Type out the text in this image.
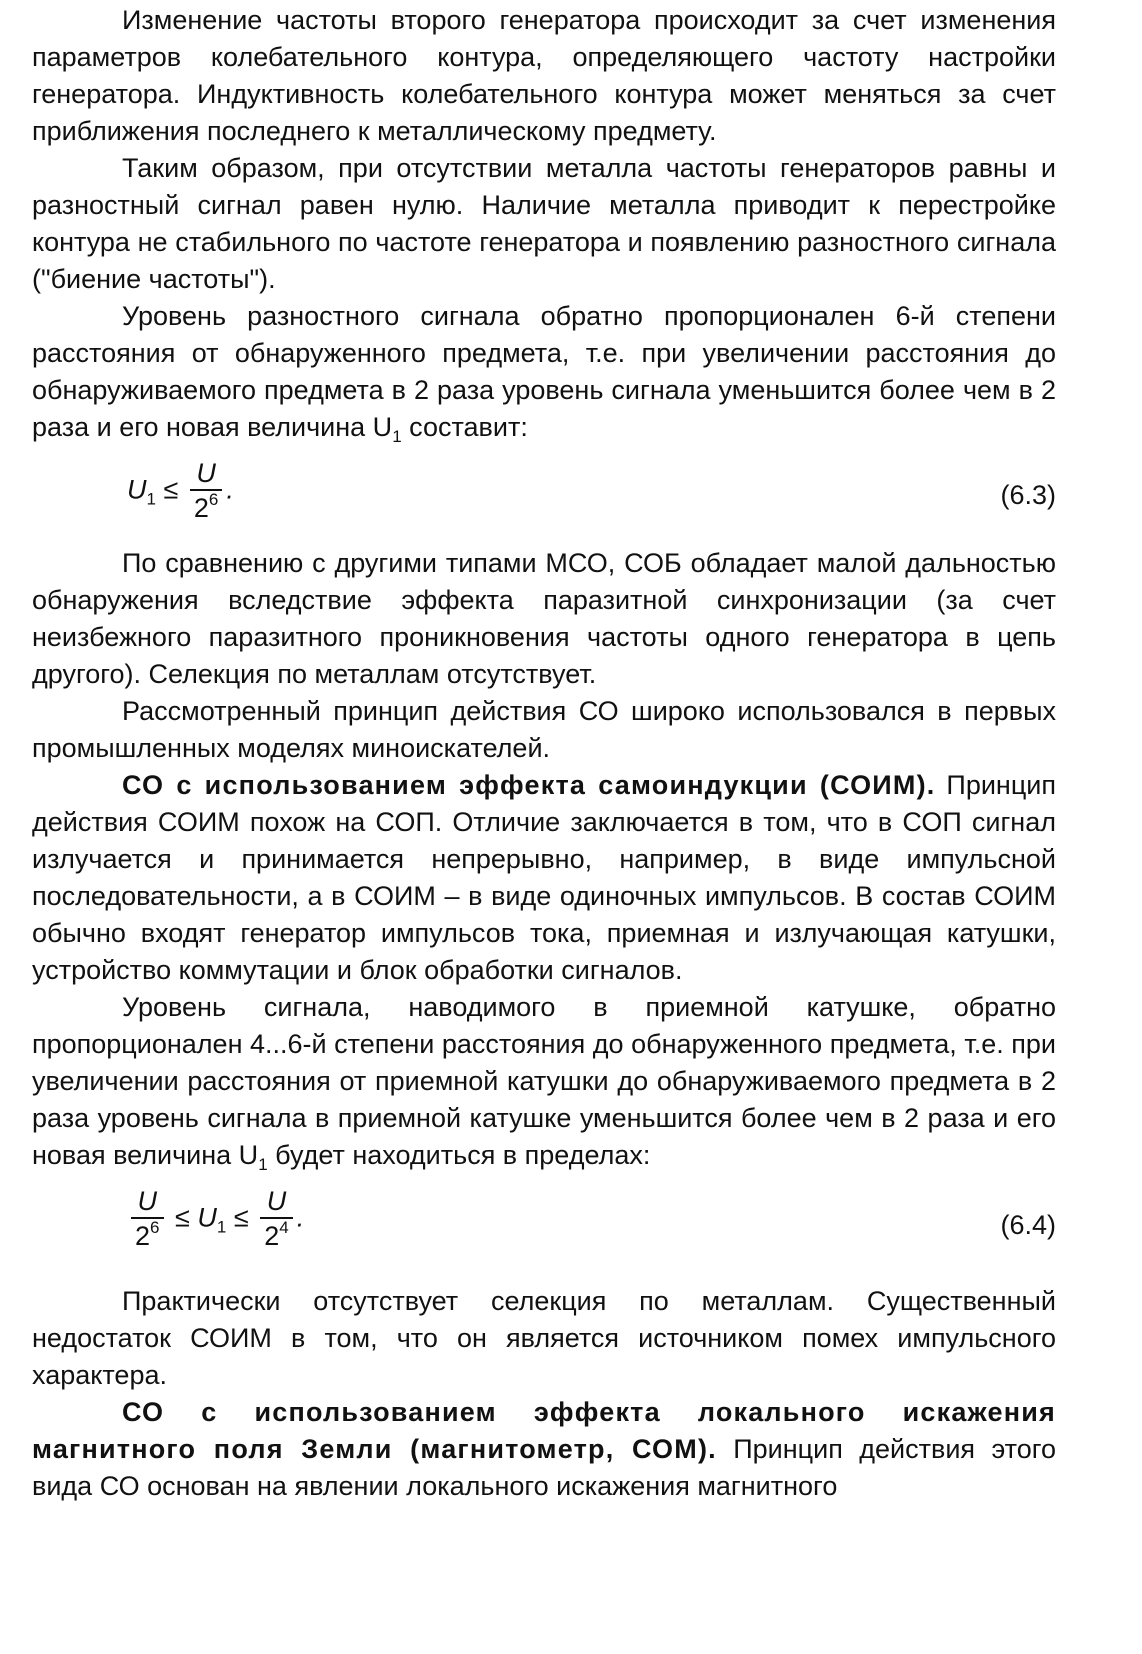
Изменение частоты второго генератора происходит за счет изменения параметров колебательного контура, определяющего частоту настройки генератора. Индуктивность колебательного контура может меняться за счет приближения последнего к металлическому предмету.

Таким образом, при отсутствии металла частоты генераторов равны и разностный сигнал равен нулю. Наличие металла приводит к перестройке контура не стабильного по частоте генератора и появлению разностного сигнала ("биение частоты").

Уровень разностного сигнала обратно пропорционален 6-й степени расстояния от обнаруженного предмета, т.е. при увеличении расстояния до обнаруживаемого предмета в 2 раза уровень сигнала уменьшится более чем в 2 раза и его новая величина $U_1$ составит:

$U_1 \le \frac{U}{2^6}$ .	(6.3)

По сравнению с другими типами МСО, СОБ обладает малой дальностью обнаружения вследствие эффекта паразитной синхронизации (за счет неизбежного паразитного проникновения частоты одного генератора в цепь другого). Селекция по металлам отсутствует.

Рассмотренный принцип действия СО широко использовался в первых промышленных моделях миноискателей.

СО с использованием эффекта самоиндукции (СОИМ). Принцип действия СОИМ похож на СОП. Отличие заключается в том, что в СОП сигнал излучается и принимается непрерывно, например, в виде импульсной последовательности, а в СОИМ – в виде одиночных импульсов. В состав СОИМ обычно входят генератор импульсов тока, приемная и излучающая катушки, устройство коммутации и блок обработки сигналов.

Уровень сигнала, наводимого в приемной катушке, обратно пропорционален 4...6-й степени расстояния до обнаруженного предмета, т.е. при увеличении расстояния от приемной катушки до обнаруживаемого предмета в 2 раза уровень сигнала в приемной катушке уменьшится более чем в 2 раза и его новая величина $U_1$ будет находиться в пределах:

$\frac{U}{2^6} \le U_1 \le \frac{U}{2^4}$ .	(6.4)

Практически отсутствует селекция по металлам. Существенный недостаток СОИМ в том, что он является источником помех импульсного характера.

СО с использованием эффекта локального искажения магнитного поля Земли (магнитометр, СОМ). Принцип действия этого вида СО основан на явлении локального искажения магнитного
